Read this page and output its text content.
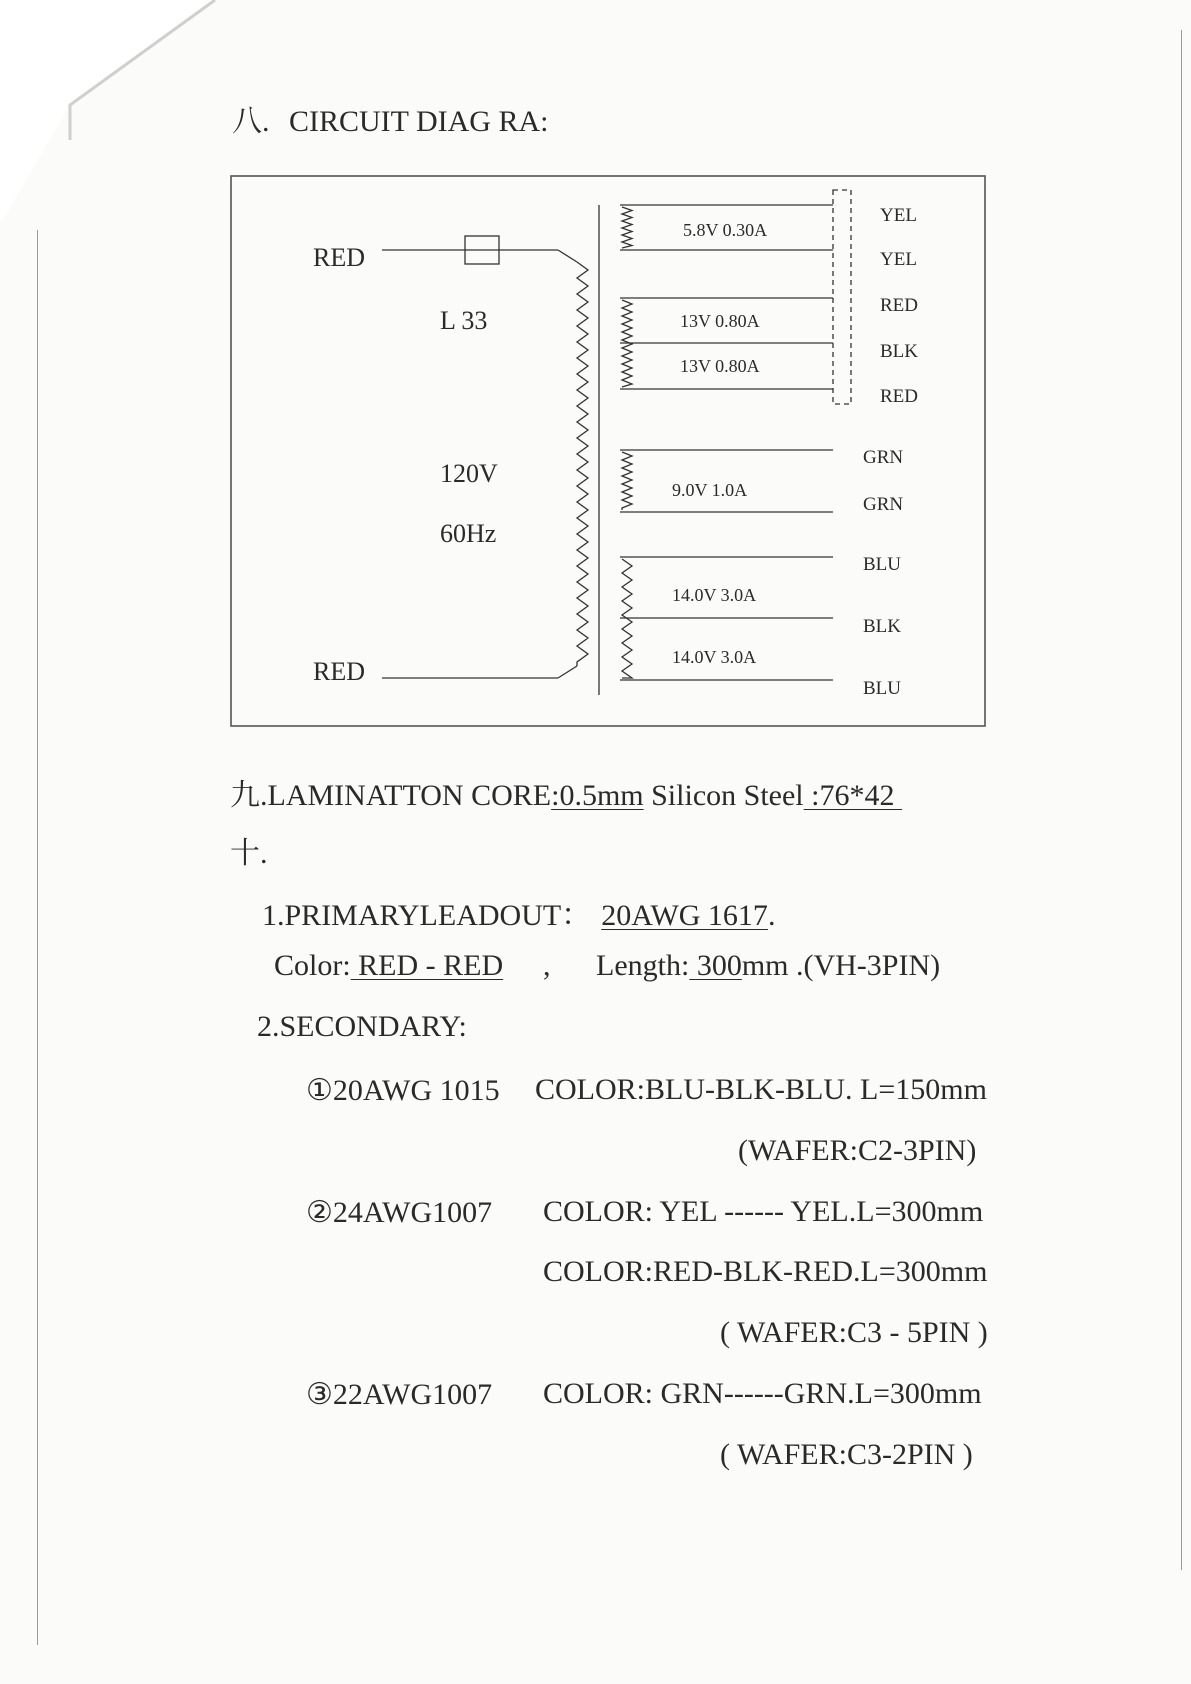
八. CIRCUIT DIAG RA:
RED
RED
L 33
120V
60Hz
5.8V 0.30A
13V 0.80A
13V 0.80A
9.0V 1.0A
14.0V 3.0A
14.0V 3.0A
YEL
YEL
RED
BLK
RED
GRN
GRN
BLU
BLK
BLU
九.LAMINATTON CORE:0.5mm Silicon Steel :76*42
十.
1.PRIMARYLEADOUT： 20AWG 1617.
Color: RED - RED , Length: 300mm .(VH-3PIN)
2.SECONDARY:
①20AWG 1015 COLOR:BLU-BLK-BLU. L=150mm
(WAFER:C2-3PIN)
②24AWG1007 COLOR: YEL ------ YEL.L=300mm
COLOR:RED-BLK-RED.L=300mm
( WAFER:C3 - 5PIN )
③22AWG1007 COLOR: GRN------GRN.L=300mm
( WAFER:C3-2PIN )
